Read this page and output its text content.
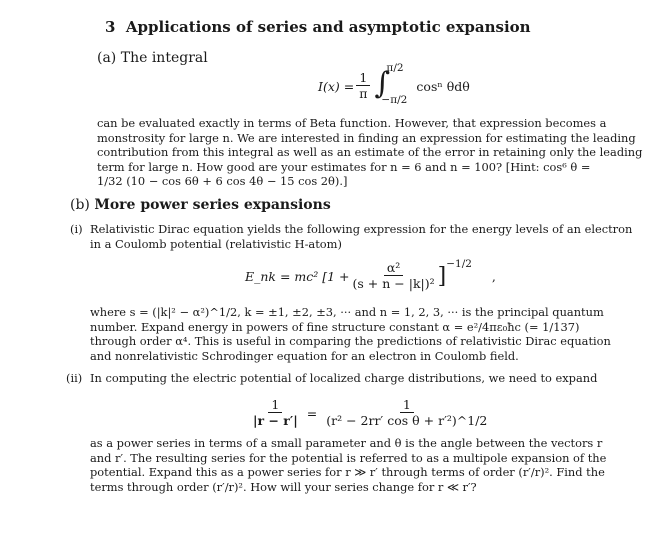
3 Applications of series and asymptotic expansion
(a) The integral
$I(x) = \frac{1}{\pi}$ ∫
π/2
−π/2
cosⁿ θdθ
can be evaluated exactly in terms of Beta function. However, that expression becomes a
monstrosity for large n. We are interested in finding an expression for estimating the leading
contribution from this integral as well as an estimate of the error in retaining only the leading
term for large n. How good are your estimates for n = 6 and n = 100? [Hint: cos⁶ θ =
1/32 (10 − cos 6θ + 6 cos 4θ − 15 cos 2θ).]
(b) More power series expansions
(i) Relativistic Dirac equation yields the following expression for the energy levels of an electron
in a Coulomb potential (relativistic H-atom)
E_nk = mc² [$1 + \frac{\text{α²}}{\text{(s + n − |k|)²}}$ ] −1/2
,
where s = (|k|² − α²)^1/2, k = ±1, ±2, ±3, ··· and n = 1, 2, 3, ··· is the principal quantum
number. Expand energy in powers of fine structure constant α = e²/4πε₀ħc (= 1/137)
through order α⁴. This is useful in comparing the predictions of relativistic Dirac equation
and nonrelativistic Schrodinger equation for an electron in Coulomb field.
(ii) In computing the electric potential of localized charge distributions, we need to expand
$\frac{1}{|r - r'|} = \frac{1}{\text{(r² − 2rr′ cos θ + r′²)\textasciicircum{}1/2}}$
as a power series in terms of a small parameter and θ is the angle between the vectors r
and r′. The resulting series for the potential is referred to as a multipole expansion of the
potential. Expand this as a power series for r ≫ r′ through terms of order (r′/r)². Find the
terms through order (r′/r)². How will your series change for r ≪ r′?
